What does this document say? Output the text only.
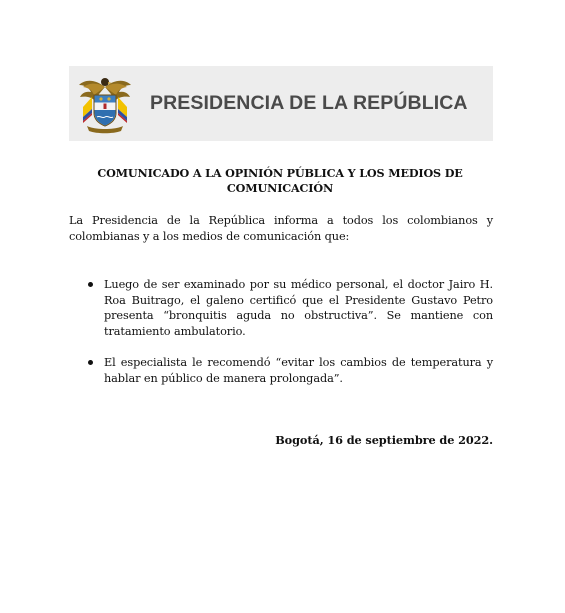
PRESIDENCIA DE LA REPÚBLICA
COMUNICADO A LA OPINIÓN PÚBLICA Y LOS MEDIOS DE COMUNICACIÓN

La Presidencia de la República informa a todos los colombianos y colombianas y a los medios de comunicación que:

Luego de ser examinado por su médico personal, el doctor Jairo H. Roa Buitrago, el galeno certificó que el Presidente Gustavo Petro presenta “bronquitis aguda no obstructiva”. Se mantiene con tratamiento ambulatorio.
El especialista le recomendó “evitar los cambios de temperatura y hablar en público de manera prolongada”.
Bogotá, 16 de septiembre de 2022.
